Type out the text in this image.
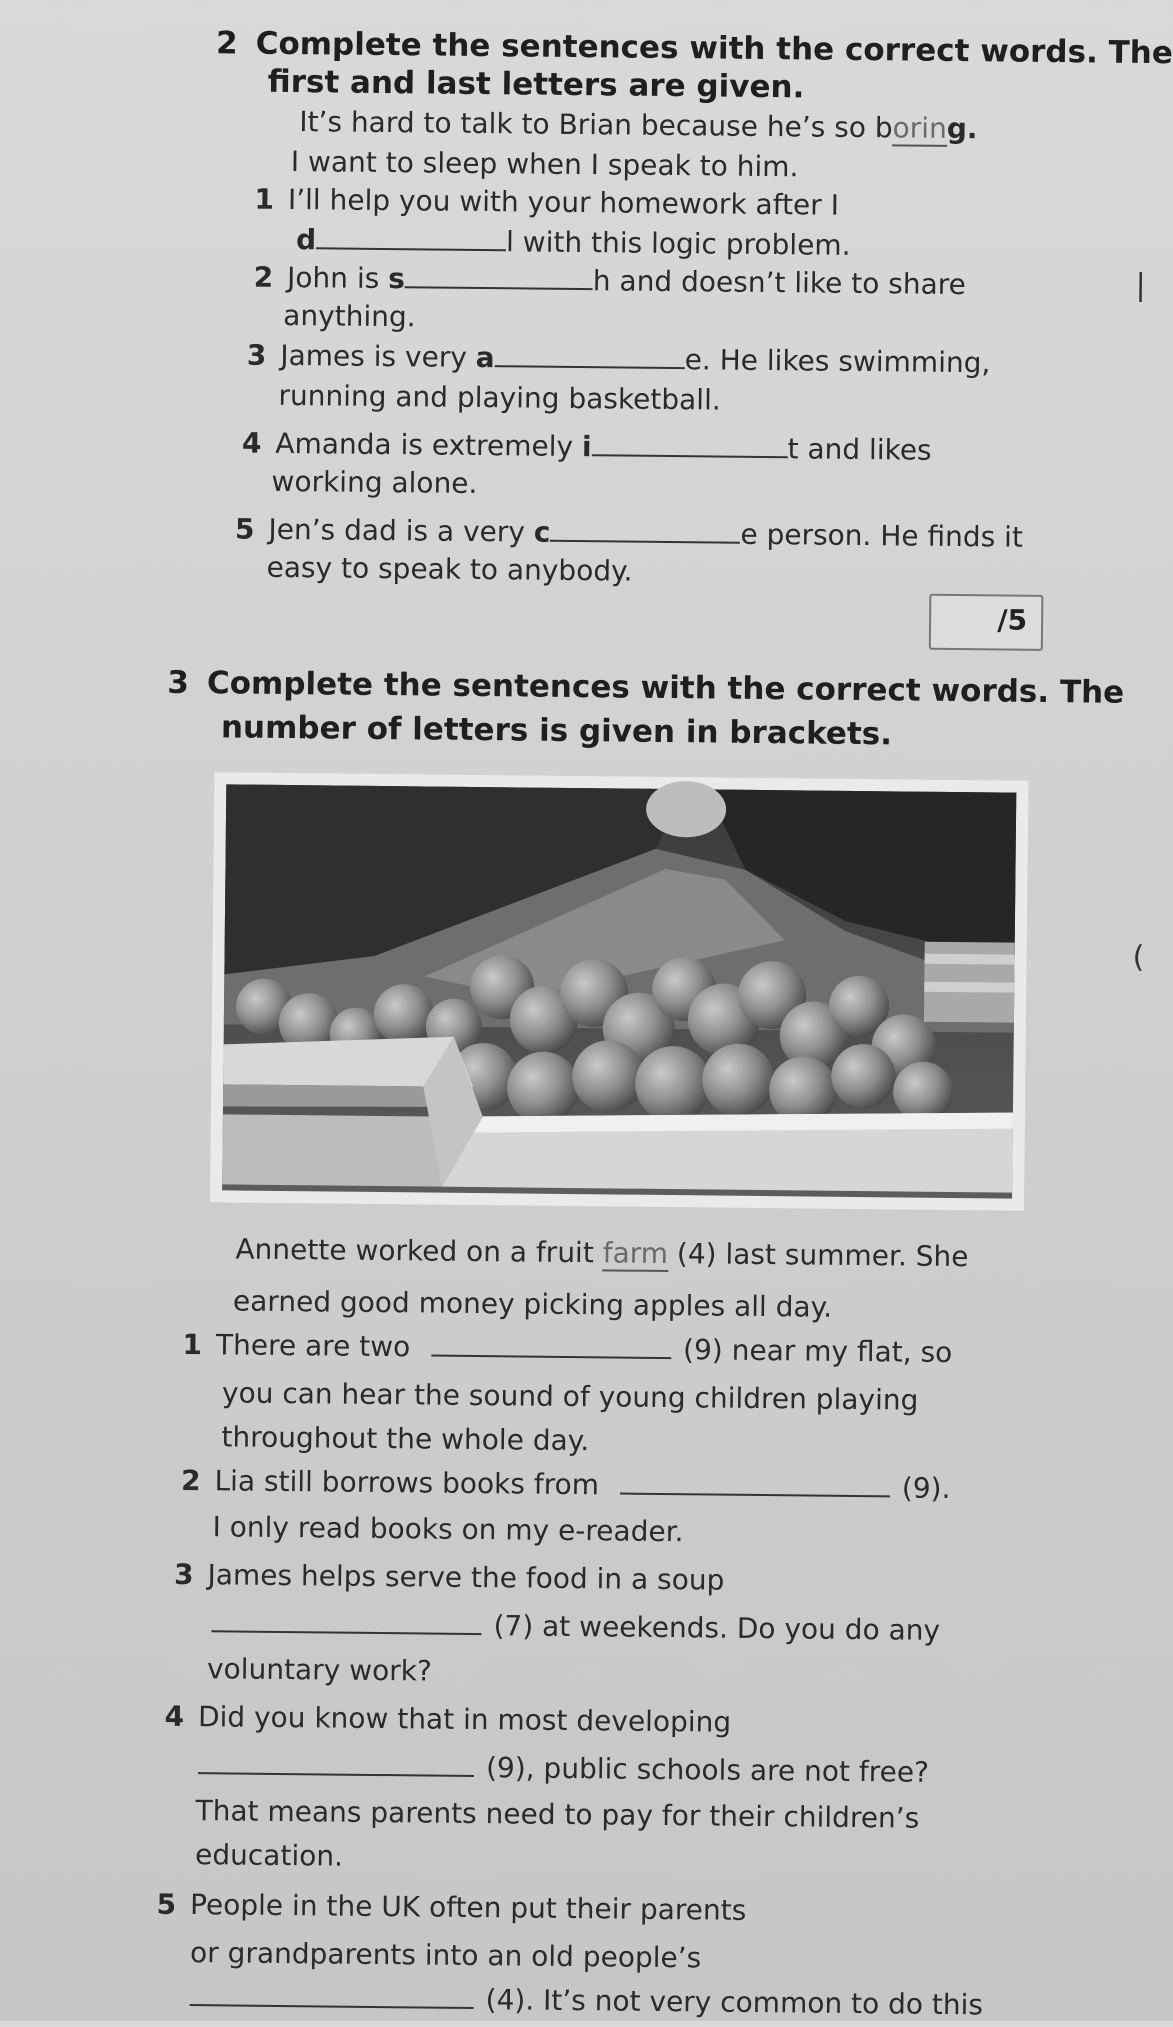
2 Complete the sentences with the correct words. The
first and last letters are given.
It’s hard to talk to Brian because he’s so boring.
I want to sleep when I speak to him.
1 I’ll help you with your homework after I
d	l with this logic problem.
2 John is s	h and doesn’t like to share
anything.
3 James is very a	e. He likes swimming,
running and playing basketball.
4 Amanda is extremely i	t and likes
working alone.
5 Jen’s dad is a very c	e person. He finds it
easy to speak to anybody.
/5
3 Complete the sentences with the correct words. The
number of letters is given in brackets.
Annette worked on a fruit farm (4) last summer. She
earned good money picking apples all day.
1 There are two	(9) near my flat, so
you can hear the sound of young children playing
throughout the whole day.
2 Lia still borrows books from	(9).
I only read books on my e-reader.
3 James helps serve the food in a soup
(7) at weekends. Do you do any
voluntary work?
4 Did you know that in most developing
(9), public schools are not free?
That means parents need to pay for their children’s
education.
5 People in the UK often put their parents
or grandparents into an old people’s
(4). It’s not very common to do this
|
(
